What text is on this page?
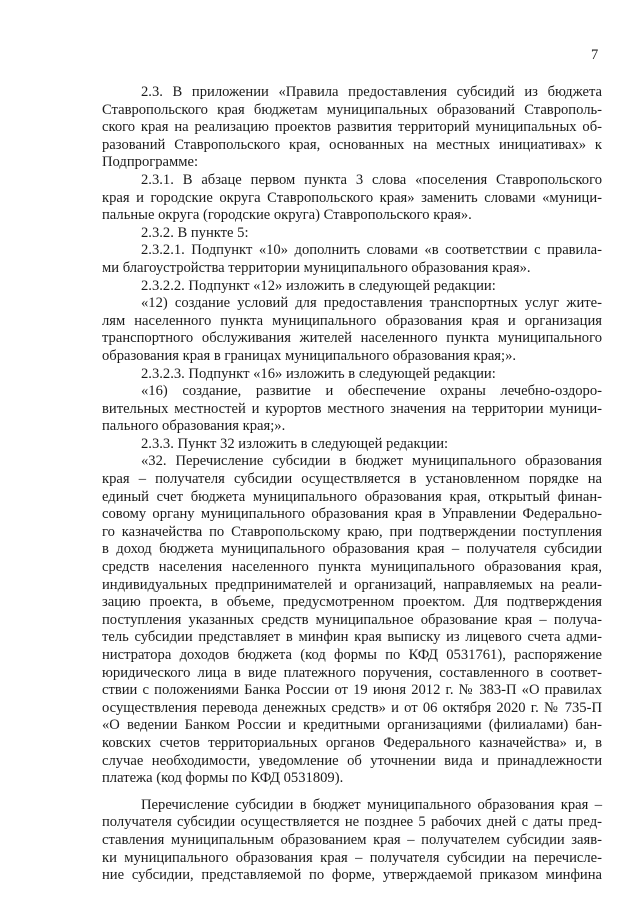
7
2.3. В приложении «Правила предоставления субсидий из бюджета
Ставропольского края бюджетам муниципальных образований Ставрополь-
ского края на реализацию проектов развития территорий муниципальных об-
разований Ставропольского края, основанных на местных инициативах» к
Подпрограмме:
2.3.1. В абзаце первом пункта 3 слова «поселения Ставропольского
края и городские округа Ставропольского края» заменить словами «муници-
пальные округа (городские округа) Ставропольского края».
2.3.2. В пункте 5:
2.3.2.1. Подпункт «10» дополнить словами «в соответствии с правила-
ми благоустройства территории муниципального образования края».
2.3.2.2. Подпункт «12» изложить в следующей редакции:
«12) создание условий для предоставления транспортных услуг жите-
лям населенного пункта муниципального образования края и организация
транспортного обслуживания жителей населенного пункта муниципального
образования края в границах муниципального образования края;».
2.3.2.3. Подпункт «16» изложить в следующей редакции:
«16) создание, развитие и обеспечение охраны лечебно-оздоро-
вительных местностей и курортов местного значения на территории муници-
пального образования края;».
2.3.3. Пункт 32 изложить в следующей редакции:
«32. Перечисление субсидии в бюджет муниципального образования
края – получателя субсидии осуществляется в установленном порядке на
единый счет бюджета муниципального образования края, открытый финан-
совому органу муниципального образования края в Управлении Федерально-
го казначейства по Ставропольскому краю, при подтверждении поступления
в доход бюджета муниципального образования края – получателя субсидии
средств населения населенного пункта муниципального образования края,
индивидуальных предпринимателей и организаций, направляемых на реали-
зацию проекта, в объеме, предусмотренном проектом. Для подтверждения
поступления указанных средств муниципальное образование края – получа-
тель субсидии представляет в минфин края выписку из лицевого счета адми-
нистратора доходов бюджета (код формы по КФД 0531761), распоряжение
юридического лица в виде платежного поручения, составленного в соответ-
ствии с положениями Банка России от 19 июня 2012 г. № 383-П «О правилах
осуществления перевода денежных средств» и от 06 октября 2020 г. № 735-П
«О ведении Банком России и кредитными организациями (филиалами) бан-
ковских счетов территориальных органов Федерального казначейства» и, в
случае необходимости, уведомление об уточнении вида и принадлежности
платежа (код формы по КФД 0531809).
Перечисление субсидии в бюджет муниципального образования края –
получателя субсидии осуществляется не позднее 5 рабочих дней с даты пред-
ставления муниципальным образованием края – получателем субсидии заяв-
ки муниципального образования края – получателя субсидии на перечисле-
ние субсидии, представляемой по форме, утверждаемой приказом минфина
